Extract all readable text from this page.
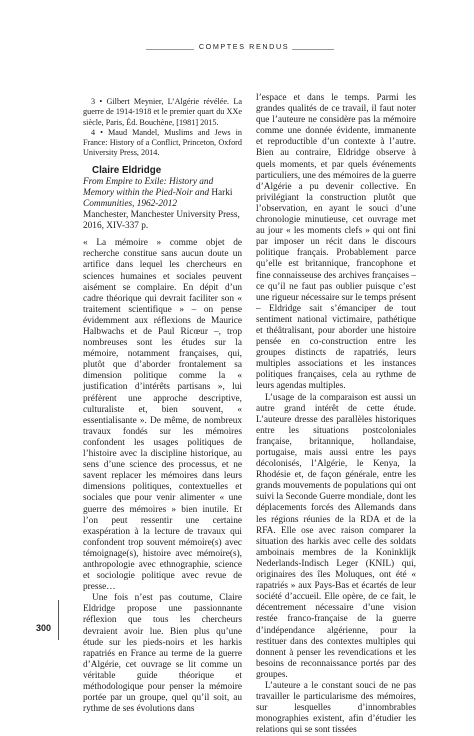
COMPTES RENDUS

3 • Gilbert Meynier, L’Algérie révélée. La guerre de 1914-1918 et le premier quart du XXe siècle, Paris, Éd. Bouchène, [1981] 2015.

4 • Maud Mandel, Muslims and Jews in France: History of a Conflict, Princeton, Oxford University Press, 2014.

Claire Eldridge

From Empire to Exile: History and Memory within the Pied-Noir and Harki Communities, 1962-2012

Manchester, Manchester University Press, 2016, XIV-337 p.

« La mémoire » comme objet de recherche constitue sans aucun doute un artifice dans lequel les chercheurs en sciences humaines et sociales peuvent aisément se complaire. En dépit d’un cadre théorique qui devrait faciliter son « traitement scientifique » – on pense évidemment aux réflexions de Maurice Halbwachs et de Paul Ricœur –, trop nombreuses sont les études sur la mémoire, notamment françaises, qui, plutôt que d’aborder frontalement sa dimension politique comme la « justification d’intérêts partisans », lui préfèrent une approche descriptive, culturaliste et, bien souvent, « essentialisante ». De même, de nombreux travaux fondés sur les mémoires confondent les usages politiques de l’histoire avec la discipline historique, au sens d’une science des processus, et ne savent replacer les mémoires dans leurs dimensions politiques, contextuelles et sociales que pour venir alimenter « une guerre des mémoires » bien inutile. Et l’on peut ressentir une certaine exaspération à la lecture de travaux qui confondent trop souvent mémoire(s) avec témoignage(s), histoire avec mémoire(s), anthropologie avec ethnographie, science et sociologie politique avec revue de presse…

Une fois n’est pas coutume, Claire Eldridge propose une passionnante réflexion que tous les chercheurs devraient avoir lue. Bien plus qu’une étude sur les pieds-noirs et les harkis rapatriés en France au terme de la guerre d’Algérie, cet ouvrage se lit comme un véritable guide théorique et méthodologique pour penser la mémoire portée par un groupe, quel qu’il soit, au rythme de ses évolutions dans

l’espace et dans le temps. Parmi les grandes qualités de ce travail, il faut noter que l’auteure ne considère pas la mémoire comme une donnée évidente, immanente et reproductible d’un contexte à l’autre. Bien au contraire, Eldridge observe à quels moments, et par quels événements particuliers, une des mémoires de la guerre d’Algérie a pu devenir collective. En privilégiant la construction plutôt que l’observation, en ayant le souci d’une chronologie minutieuse, cet ouvrage met au jour « les moments clefs » qui ont fini par imposer un récit dans le discours politique français. Probablement parce qu’elle est britannique, francophone et fine connaisseuse des archives françaises – ce qu’il ne faut pas oublier puisque c’est une rigueur nécessaire sur le temps présent – Eldridge sait s’émanciper de tout sentiment national victimaire, pathétique et théâtralisant, pour aborder une histoire pensée en co-construction entre les groupes distincts de rapatriés, leurs multiples associations et les instances politiques françaises, cela au rythme de leurs agendas multiples.

L’usage de la comparaison est aussi un autre grand intérêt de cette étude. L’auteure dresse des parallèles historiques entre les situations postcoloniales française, britannique, hollandaise, portugaise, mais aussi entre les pays décolonisés, l’Algérie, le Kenya, la Rhodésie et, de façon générale, entre les grands mouvements de populations qui ont suivi la Seconde Guerre mondiale, dont les déplacements forcés des Allemands dans les régions réunies de la RDA et de la RFA. Elle ose avec raison comparer la situation des harkis avec celle des soldats amboinais membres de la Koninklijk Nederlands-Indisch Leger (KNIL) qui, originaires des îles Moluques, ont été « rapatriés » aux Pays-Bas et écartés de leur société d’accueil. Elle opère, de ce fait, le décentrement nécessaire d’une vision restée franco-française de la guerre d’indépendance algérienne, pour la restituer dans des contextes multiples qui donnent à penser les revendications et les besoins de reconnaissance portés par des groupes.

L’auteure a le constant souci de ne pas travailler le particularisme des mémoires, sur lesquelles d’innombrables monographies existent, afin d’étudier les relations qui se sont tissées

300
